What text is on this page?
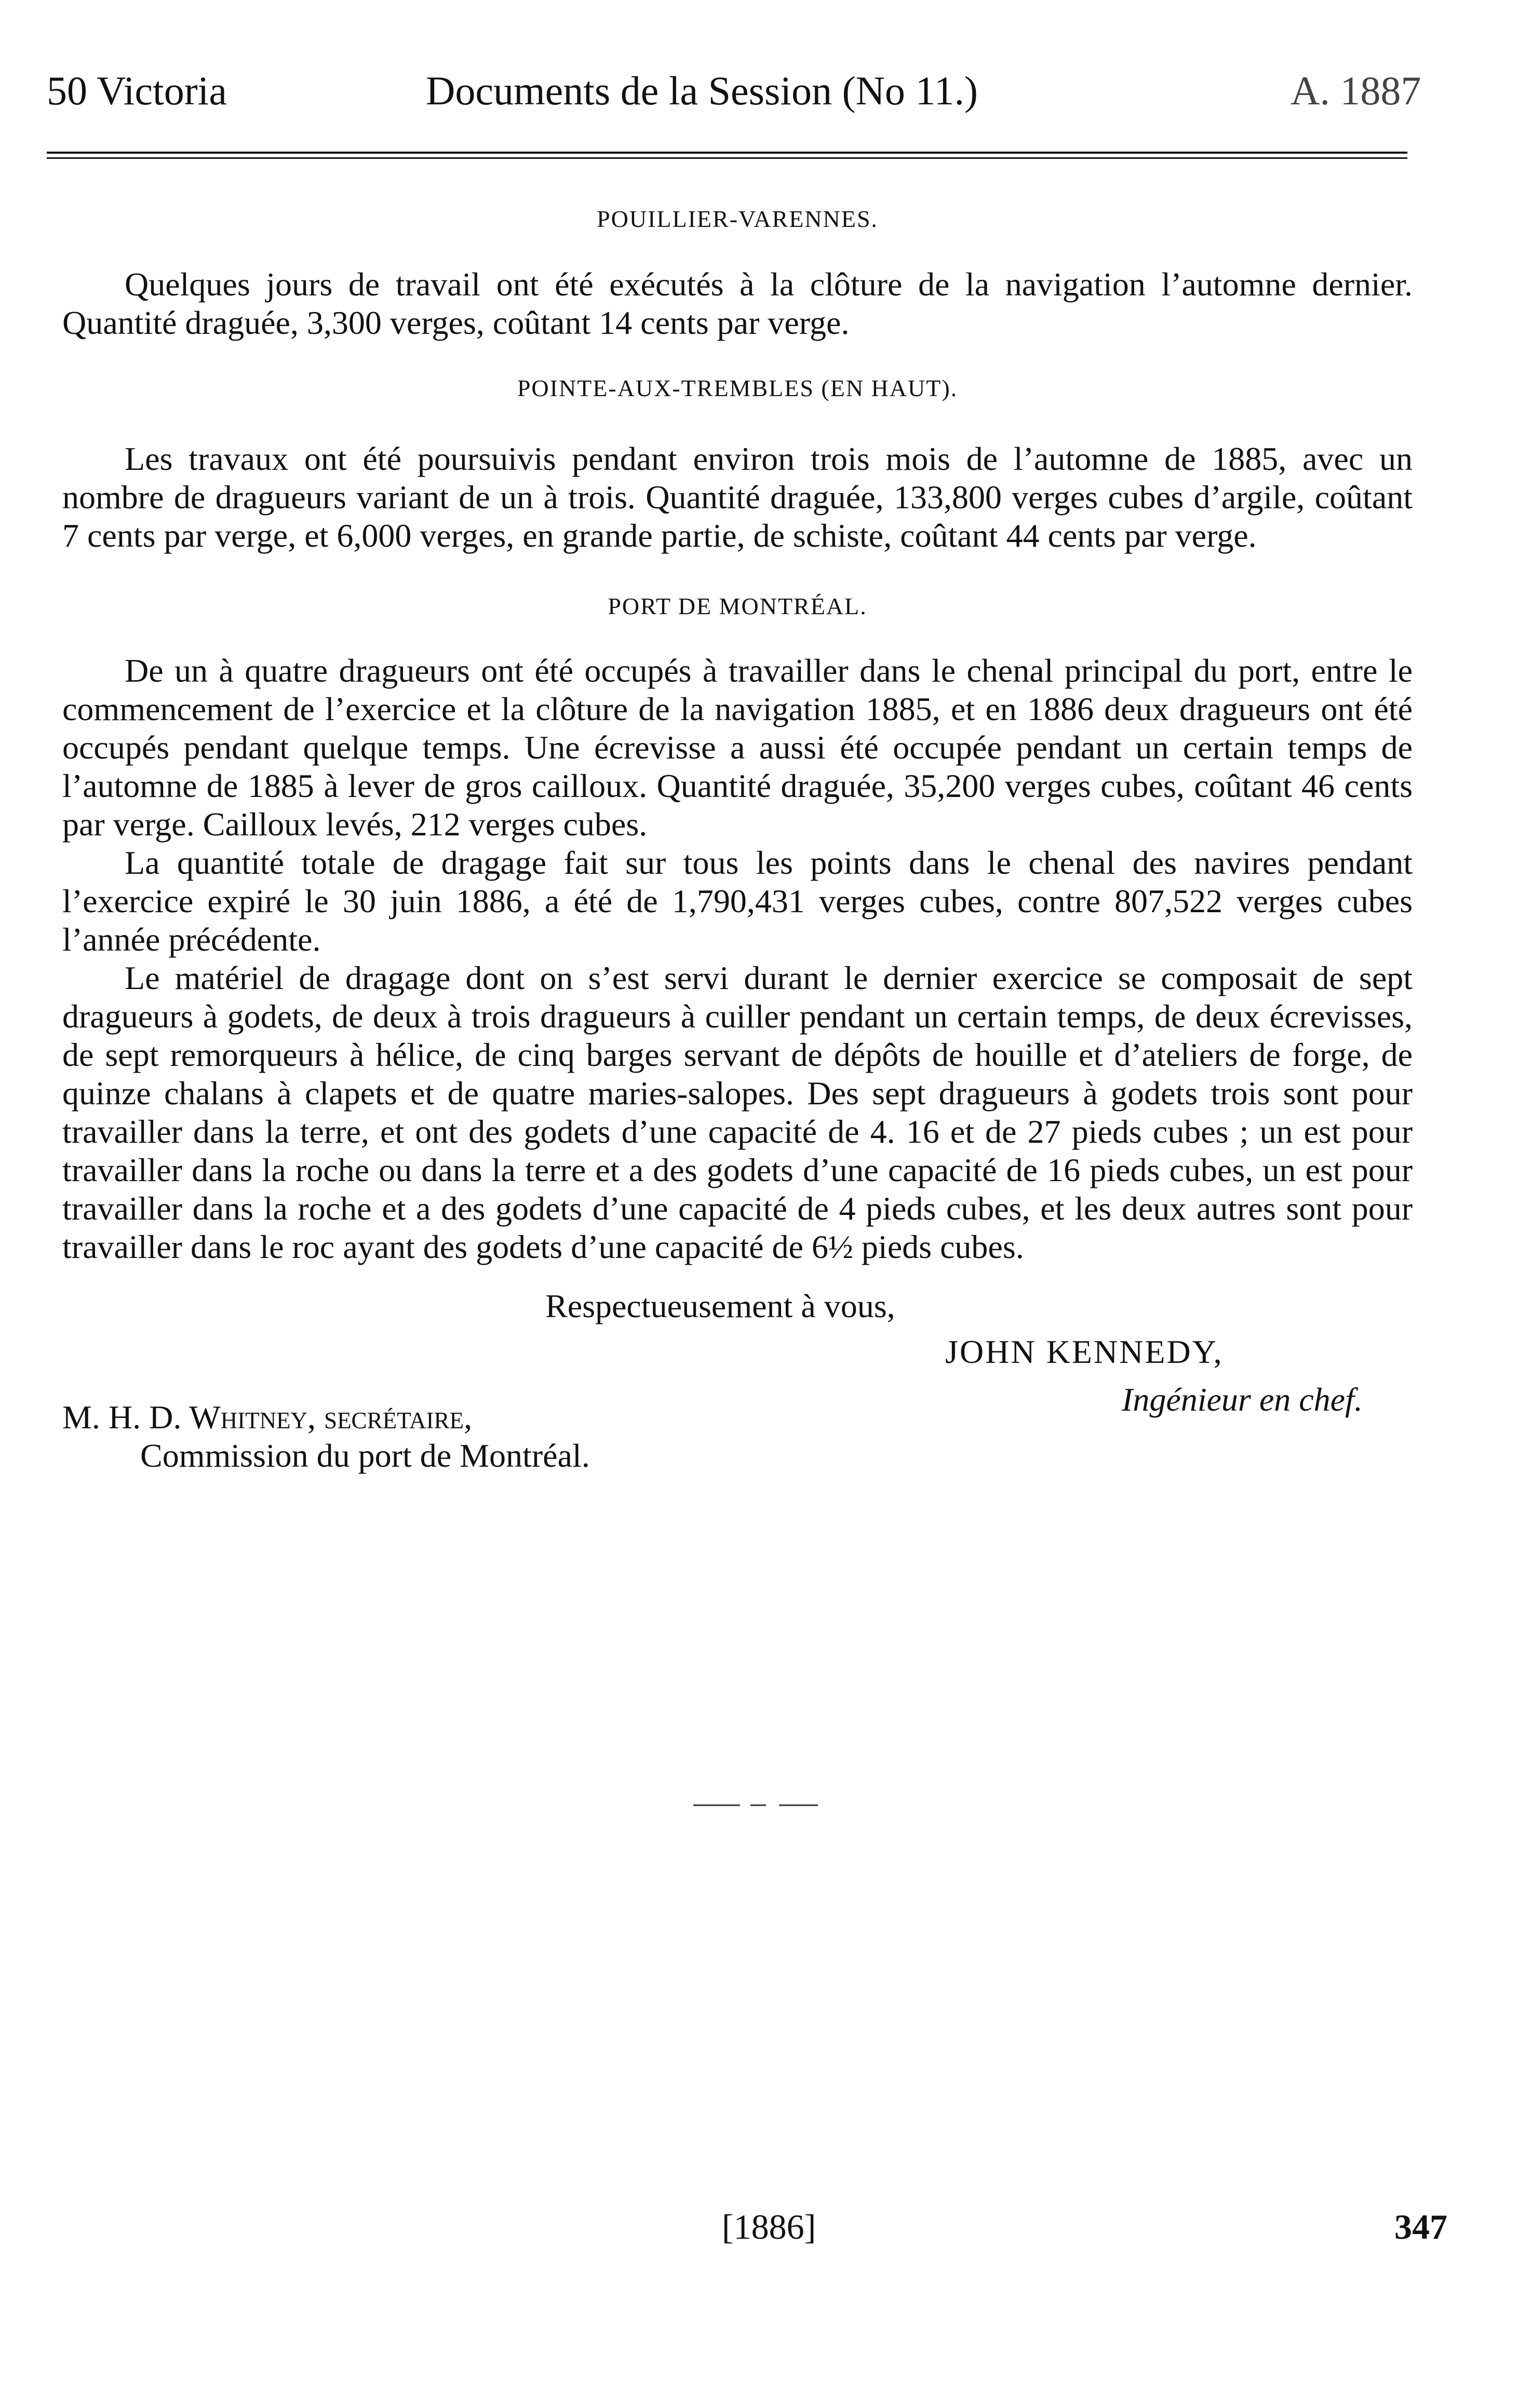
50 Victoria	Documents de la Session (No 11.)	A. 1887

POUILLIER-VARENNES.

Quelques jours de travail ont été exécutés à la clôture de la navigation l’automne dernier. Quantité draguée, 3,300 verges, coûtant 14 cents par verge.

POINTE-AUX-TREMBLES (EN HAUT).

Les travaux ont été poursuivis pendant environ trois mois de l’automne de 1885, avec un nombre de dragueurs variant de un à trois. Quantité draguée, 133,800 verges cubes d’argile, coûtant 7 cents par verge, et 6,000 verges, en grande partie, de schiste, coûtant 44 cents par verge.

PORT DE MONTRÉAL.

De un à quatre dragueurs ont été occupés à travailler dans le chenal principal du port, entre le commencement de l’exercice et la clôture de la navigation 1885, et en 1886 deux dragueurs ont été occupés pendant quelque temps. Une écrevisse a aussi été occupée pendant un certain temps de l’automne de 1885 à lever de gros cailloux. Quantité draguée, 35,200 verges cubes, coûtant 46 cents par verge. Cailloux levés, 212 verges cubes.

La quantité totale de dragage fait sur tous les points dans le chenal des navires pendant l’exercice expiré le 30 juin 1886, a été de 1,790,431 verges cubes, contre 807,522 verges cubes l’année précédente.

Le matériel de dragage dont on s’est servi durant le dernier exercice se composait de sept dragueurs à godets, de deux à trois dragueurs à cuiller pendant un certain temps, de deux écrevisses, de sept remorqueurs à hélice, de cinq barges servant de dépôts de houille et d’ateliers de forge, de quinze chalans à clapets et de quatre maries-salopes. Des sept dragueurs à godets trois sont pour travailler dans la terre, et ont des godets d’une capacité de 4. 16 et de 27 pieds cubes ; un est pour travailler dans la roche ou dans la terre et a des godets d’une capacité de 16 pieds cubes, un est pour travailler dans la roche et a des godets d’une capacité de 4 pieds cubes, et les deux autres sont pour travailler dans le roc ayant des godets d’une capacité de 6½ pieds cubes.

Respectueusement à vous,
JOHN KENNEDY,
Ingénieur en chef.
M. H. D. Whitney, secrétaire,
Commission du port de Montréal.
[1886]	347
